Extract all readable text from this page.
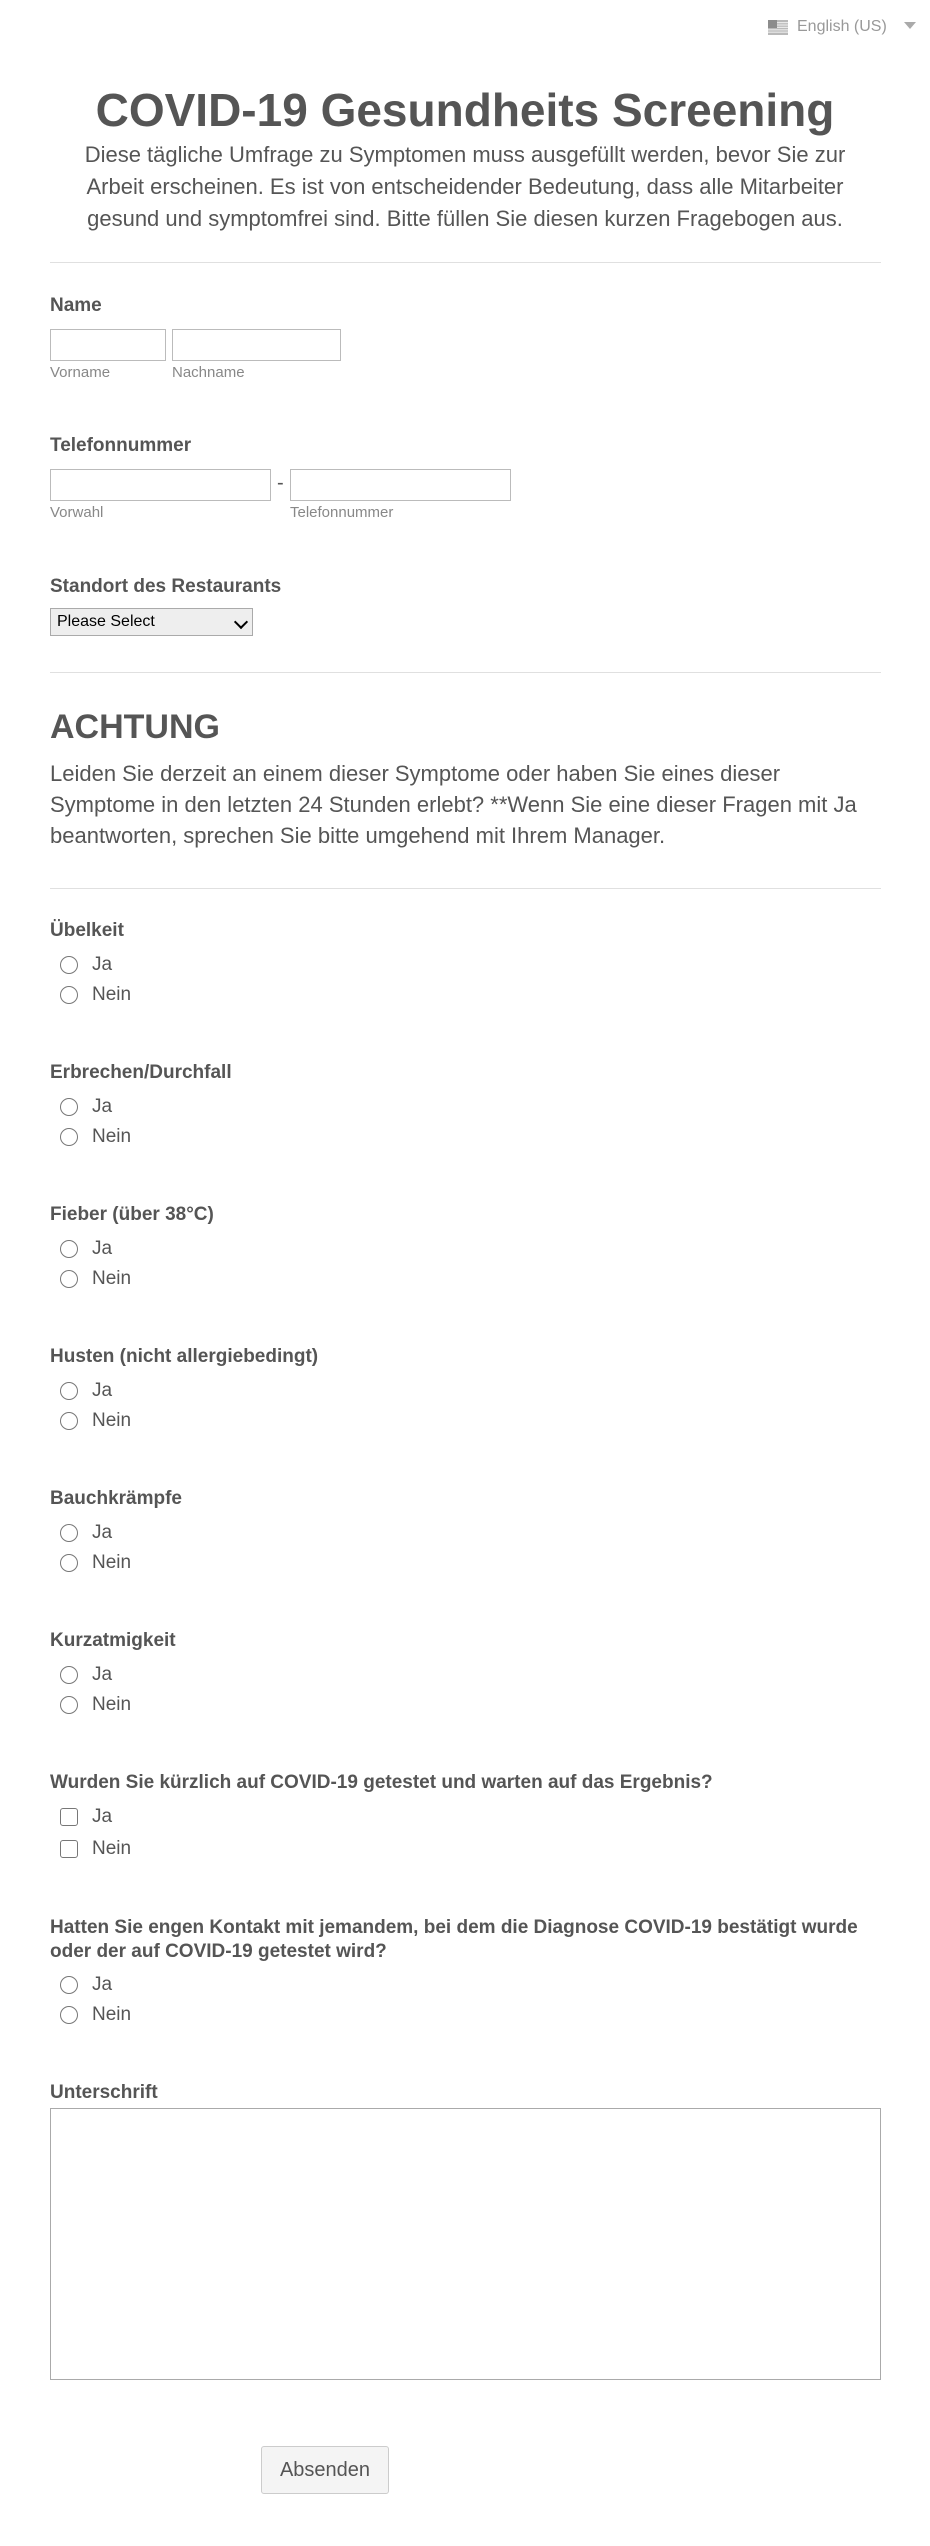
English (US)
COVID-19 Gesundheits Screening
Diese tägliche Umfrage zu Symptomen muss ausgefüllt werden, bevor Sie zur Arbeit erscheinen. Es ist von entscheidender Bedeutung, dass alle Mitarbeiter gesund und symptomfrei sind. Bitte füllen Sie diesen kurzen Fragebogen aus.
Name
Vorname	Nachname
Telefonnummer
-
Vorwahl	Telefonnummer
Standort des Restaurants
Please Select
ACHTUNG
Leiden Sie derzeit an einem dieser Symptome oder haben Sie eines dieser Symptome in den letzten 24 Stunden erlebt? **Wenn Sie eine dieser Fragen mit Ja beantworten, sprechen Sie bitte umgehend mit Ihrem Manager.
Übelkeit
Ja
Nein
Erbrechen/Durchfall
Ja
Nein
Fieber (über 38°C)
Ja
Nein
Husten (nicht allergiebedingt)
Ja
Nein
Bauchkrämpfe
Ja
Nein
Kurzatmigkeit
Ja
Nein
Wurden Sie kürzlich auf COVID-19 getestet und warten auf das Ergebnis?
Ja
Nein
Hatten Sie engen Kontakt mit jemandem, bei dem die Diagnose COVID-19 bestätigt wurde oder der auf COVID-19 getestet wird?
Ja
Nein
Unterschrift
Absenden
